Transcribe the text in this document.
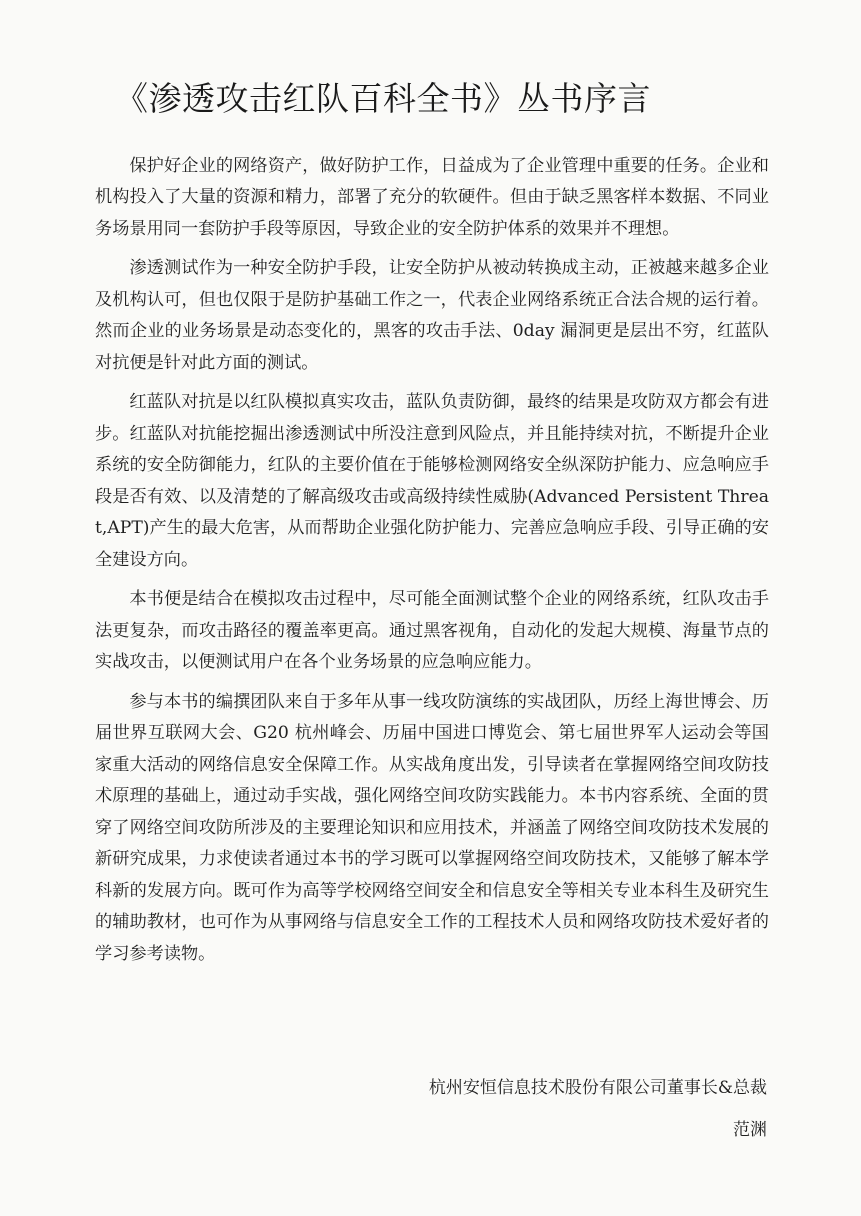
《渗透攻击红队百科全书》丛书序言

保护好企业的网络资产，做好防护工作，日益成为了企业管理中重要的任务。企业和机构投入了大量的资源和精力，部署了充分的软硬件。但由于缺乏黑客样本数据、不同业务场景用同一套防护手段等原因，导致企业的安全防护体系的效果并不理想。

渗透测试作为一种安全防护手段，让安全防护从被动转换成主动，正被越来越多企业及机构认可，但也仅限于是防护基础工作之一，代表企业网络系统正合法合规的运行着。然而企业的业务场景是动态变化的，黑客的攻击手法、0day 漏洞更是层出不穷，红蓝队对抗便是针对此方面的测试。

红蓝队对抗是以红队模拟真实攻击，蓝队负责防御，最终的结果是攻防双方都会有进步。红蓝队对抗能挖掘出渗透测试中所没注意到风险点，并且能持续对抗，不断提升企业系统的安全防御能力，红队的主要价值在于能够检测网络安全纵深防护能力、应急响应手段是否有效、以及清楚的了解高级攻击或高级持续性威胁(Advanced Persistent Threat,APT)产生的最大危害，从而帮助企业强化防护能力、完善应急响应手段、引导正确的安全建设方向。

本书便是结合在模拟攻击过程中，尽可能全面测试整个企业的网络系统，红队攻击手法更复杂，而攻击路径的覆盖率更高。通过黑客视角，自动化的发起大规模、海量节点的实战攻击，以便测试用户在各个业务场景的应急响应能力。

参与本书的编撰团队来自于多年从事一线攻防演练的实战团队，历经上海世博会、历届世界互联网大会、G20 杭州峰会、历届中国进口博览会、第七届世界军人运动会等国家重大活动的网络信息安全保障工作。从实战角度出发，引导读者在掌握网络空间攻防技术原理的基础上，通过动手实战，强化网络空间攻防实践能力。本书内容系统、全面的贯穿了网络空间攻防所涉及的主要理论知识和应用技术，并涵盖了网络空间攻防技术发展的新研究成果，力求使读者通过本书的学习既可以掌握网络空间攻防技术，又能够了解本学科新的发展方向。既可作为高等学校网络空间安全和信息安全等相关专业本科生及研究生的辅助教材，也可作为从事网络与信息安全工作的工程技术人员和网络攻防技术爱好者的学习参考读物。

杭州安恒信息技术股份有限公司董事长&总裁
范渊
